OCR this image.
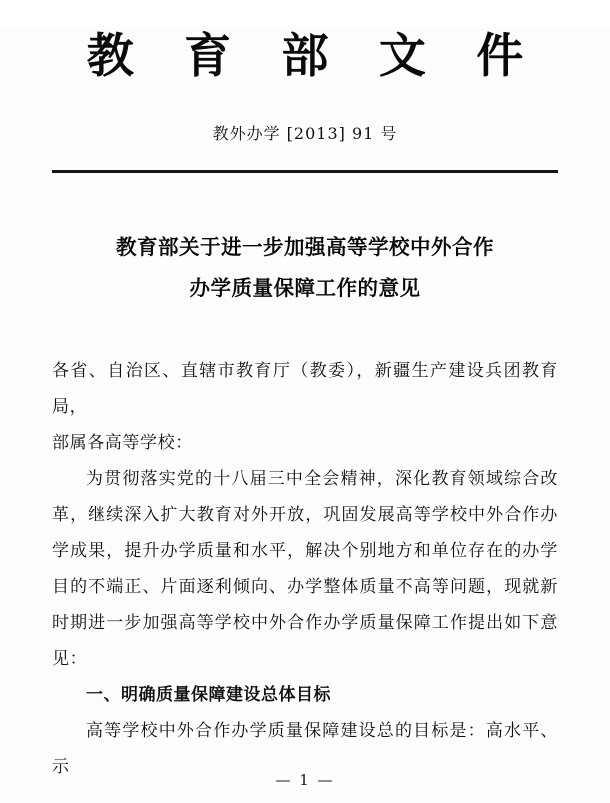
教 育 部 文 件
教外办学 [2013] 91 号
教育部关于进一步加强高等学校中外合作
办学质量保障工作的意见

各省、自治区、直辖市教育厅（教委），新疆生产建设兵团教育局，

部属各高等学校：

为贯彻落实党的十八届三中全会精神，深化教育领域综合改革，继续深入扩大教育对外开放，巩固发展高等学校中外合作办学成果，提升办学质量和水平，解决个别地方和单位存在的办学目的不端正、片面逐利倾向、办学整体质量不高等问题，现就新时期进一步加强高等学校中外合作办学质量保障工作提出如下意见：

一、明确质量保障建设总体目标

高等学校中外合作办学质量保障建设总的目标是：高水平、示

— 1 —
